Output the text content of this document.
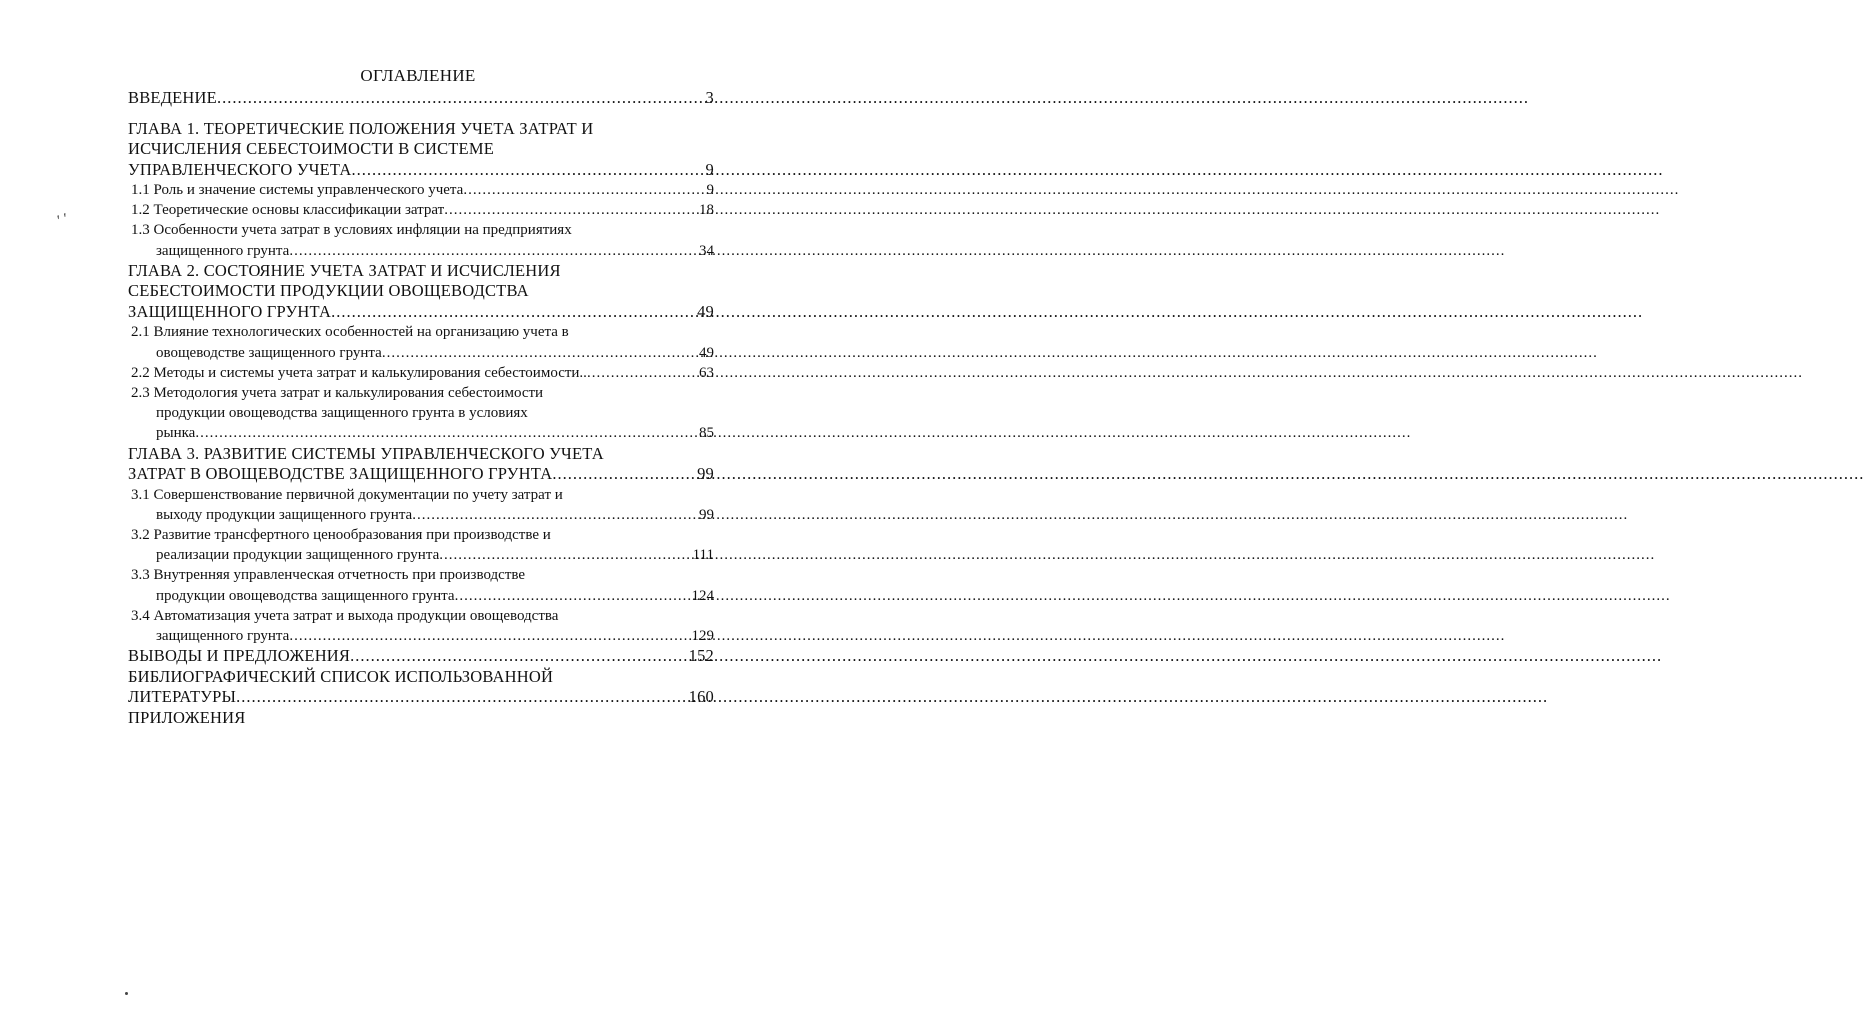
ОГЛАВЛЕНИЕ
ВВЕДЕНИЕ .....	3
ГЛАВА 1. ТЕОРЕТИЧЕСКИЕ ПОЛОЖЕНИЯ УЧЕТА ЗАТРАТ И
ИСЧИСЛЕНИЯ СЕБЕСТОИМОСТИ В СИСТЕМЕ
УПРАВЛЕНЧЕСКОГО УЧЕТА .....	9
1.1 Роль и значение системы управленческого учета .....	9
1.2 Теоретические основы классификации затрат .....	18
1.3 Особенности учета затрат в условиях инфляции на предприятиях
защищенного грунта .....	34
ГЛАВА 2. СОСТОЯНИЕ УЧЕТА ЗАТРАТ И ИСЧИСЛЕНИЯ
СЕБЕСТОИМОСТИ ПРОДУКЦИИ ОВОЩЕВОДСТВА
ЗАЩИЩЕННОГО ГРУНТА .....	49
2.1 Влияние технологических особенностей на организацию учета в
овощеводстве защищенного грунта .....	49
2.2 Методы и системы учета затрат и калькулирования себестоимости.. .....	63
2.3 Методология учета затрат и калькулирования себестоимости
продукции овощеводства защищенного грунта в условиях
рынка .....	85
ГЛАВА 3. РАЗВИТИЕ СИСТЕМЫ УПРАВЛЕНЧЕСКОГО УЧЕТА
ЗАТРАТ В ОВОЩЕВОДСТВЕ ЗАЩИЩЕННОГО ГРУНТА .....	99
3.1 Совершенствование первичной документации по учету затрат и
выходу продукции защищенного грунта .....	99
3.2 Развитие трансфертного ценообразования при производстве и
реализации продукции защищенного грунта .....	111
3.3 Внутренняя управленческая отчетность при производстве
продукции овощеводства защищенного грунта .....	124
3.4 Автоматизация учета затрат и выхода продукции овощеводства
защищенного грунта .....	129
ВЫВОДЫ И ПРЕДЛОЖЕНИЯ .....	152
БИБЛИОГРАФИЧЕСКИЙ СПИСОК ИСПОЛЬЗОВАННОЙ
ЛИТЕРАТУРЫ .....	160
ПРИЛОЖЕНИЯ
′ ′
